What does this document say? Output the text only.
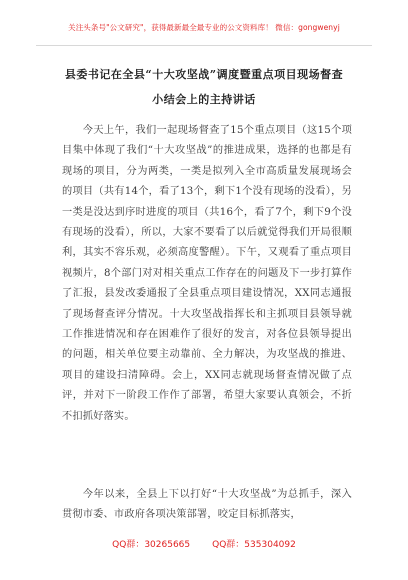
关注头条号"公文研究"，获得最新最全最专业的公文资料库！ 微信：gongwenyj
县委书记在全县“十大攻坚战”调度暨重点项目现场督查
小结会上的主持讲话
今天上午，我们一起现场督查了15个重点项目（这15个项目集中体现了我们“十大攻坚战”的推进成果，选择的也都是有现场的项目，分为两类，一类是拟列入全市高质量发展现场会的项目（共有14个，看了13个，剩下1个没有现场的没看），另一类是没达到序时进度的项目（共16个，看了7个，剩下9个没有现场的没看），所以，大家不要看了以后就觉得我们开局很顺利，其实不容乐观，必须高度警醒）。下午，又观看了重点项目视频片，8个部门对对相关重点工作存在的问题及下一步打算作了汇报，县发改委通报了全县重点项目建设情况，XX同志通报了现场督查评分情况。十大攻坚战指挥长和主抓项目县领导就工作推进情况和存在困难作了很好的发言，对各位县领导提出的问题，相关单位要主动靠前、全力解决，为攻坚战的推进、项目的建设扫清障碍。会上，XX同志就现场督查情况做了点评，并对下一阶段工作作了部署，希望大家要认真领会，不折不扣抓好落实。
今年以来，全县上下以打好“十大攻坚战”为总抓手，深入贯彻市委、市政府各项决策部署，咬定目标抓落实，
QQ群：30265665 QQ群：535304092
